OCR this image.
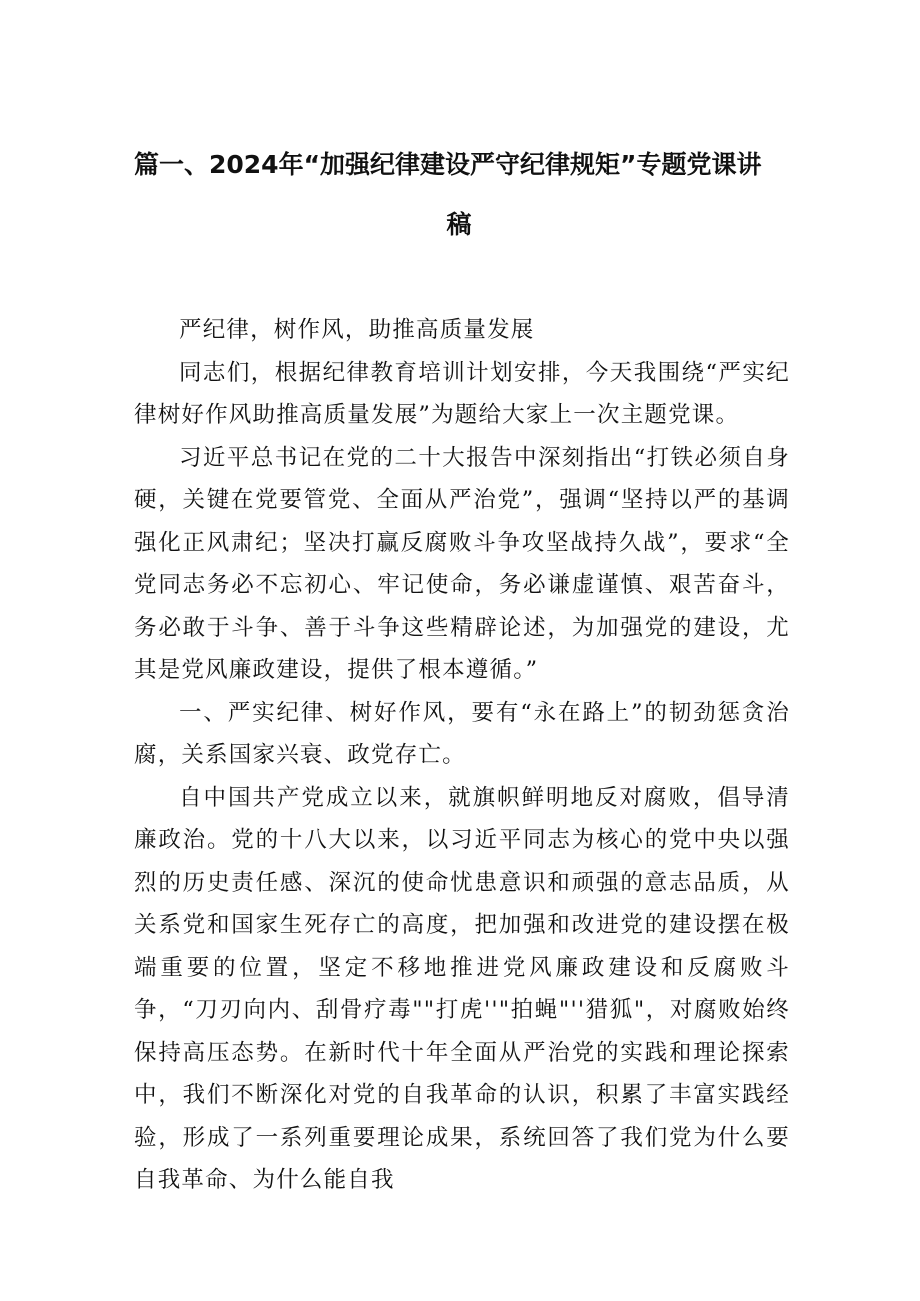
篇一、2024年“加强纪律建设严守纪律规矩”专题党课讲
稿

严纪律，树作风，助推高质量发展

同志们，根据纪律教育培训计划安排，今天我围绕“严实纪律树好作风助推高质量发展”为题给大家上一次主题党课。

习近平总书记在党的二十大报告中深刻指出“打铁必须自身硬，关键在党要管党、全面从严治党”，强调“坚持以严的基调强化正风肃纪；坚决打赢反腐败斗争攻坚战持久战”，要求“全党同志务必不忘初心、牢记使命，务必谦虚谨慎、艰苦奋斗，务必敢于斗争、善于斗争这些精辟论述，为加强党的建设，尤其是党风廉政建设，提供了根本遵循。”

一、严实纪律、树好作风，要有“永在路上”的韧劲惩贪治腐，关系国家兴衰、政党存亡。

自中国共产党成立以来，就旗帜鲜明地反对腐败，倡导清廉政治。党的十八大以来，以习近平同志为核心的党中央以强烈的历史责任感、深沉的使命忧患意识和顽强的意志品质，从关系党和国家生死存亡的高度，把加强和改进党的建设摆在极端重要的位置，坚定不移地推进党风廉政建设和反腐败斗争，“刀刃向内、刮骨疗毒""打虎''"拍蝇"''猎狐"，对腐败始终保持高压态势。在新时代十年全面从严治党的实践和理论探索中，我们不断深化对党的自我革命的认识，积累了丰富实践经验，形成了一系列重要理论成果，系统回答了我们党为什么要自我革命、为什么能自我
